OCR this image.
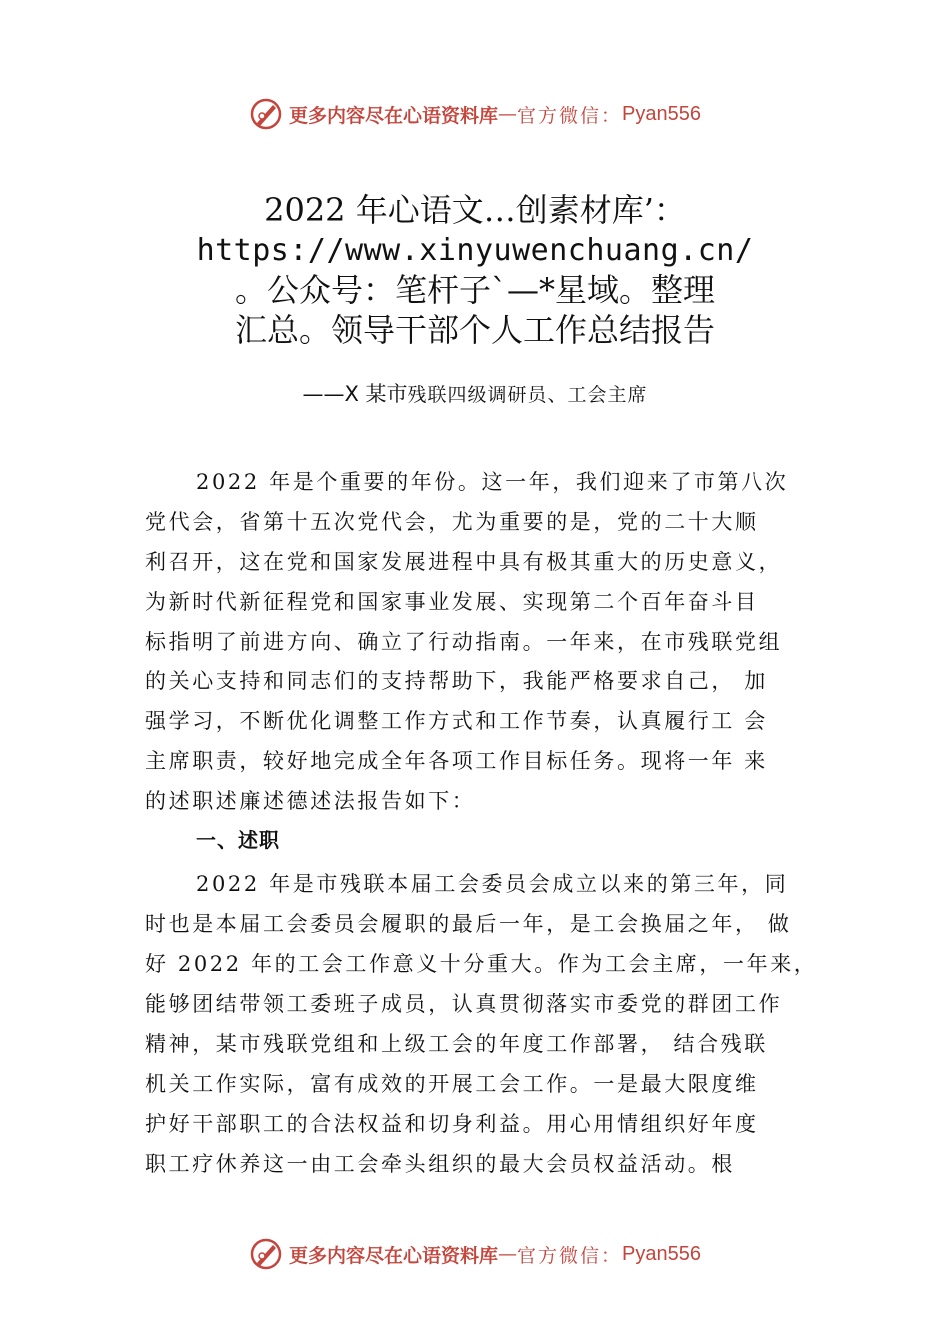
更多内容尽在心语资料库 — 官方微信： Pyan556
2022 年心语文…创素材库’：
https://www.xinyuwenchuang.cn/
。公众号：笔杆子`—*星域。整理
汇总。领导干部个人工作总结报告
——X 某市残联四级调研员、工会主席
2022 年是个重要的年份。这一年，我们迎来了市第八次
党代会，省第十五次党代会，尤为重要的是，党的二十大顺
利召开，这在党和国家发展进程中具有极其重大的历史意义，
为新时代新征程党和国家事业发展、实现第二个百年奋斗目
标指明了前进方向、确立了行动指南。一年来，在市残联党组
的关心支持和同志们的支持帮助下，我能严格要求自己， 加
强学习，不断优化调整工作方式和工作节奏，认真履行工 会
主席职责，较好地完成全年各项工作目标任务。现将一年 来
的述职述廉述德述法报告如下：
一、述职
2022 年是市残联本届工会委员会成立以来的第三年，同
时也是本届工会委员会履职的最后一年，是工会换届之年， 做
好 2022 年的工会工作意义十分重大。作为工会主席，一年来，
能够团结带领工委班子成员，认真贯彻落实市委党的群团工作
精神，某市残联党组和上级工会的年度工作部署， 结合残联
机关工作实际，富有成效的开展工会工作。一是最大限度维
护好干部职工的合法权益和切身利益。用心用情组织好年度
职工疗休养这一由工会牵头组织的最大会员权益活动。根
更多内容尽在心语资料库 — 官方微信： Pyan556
